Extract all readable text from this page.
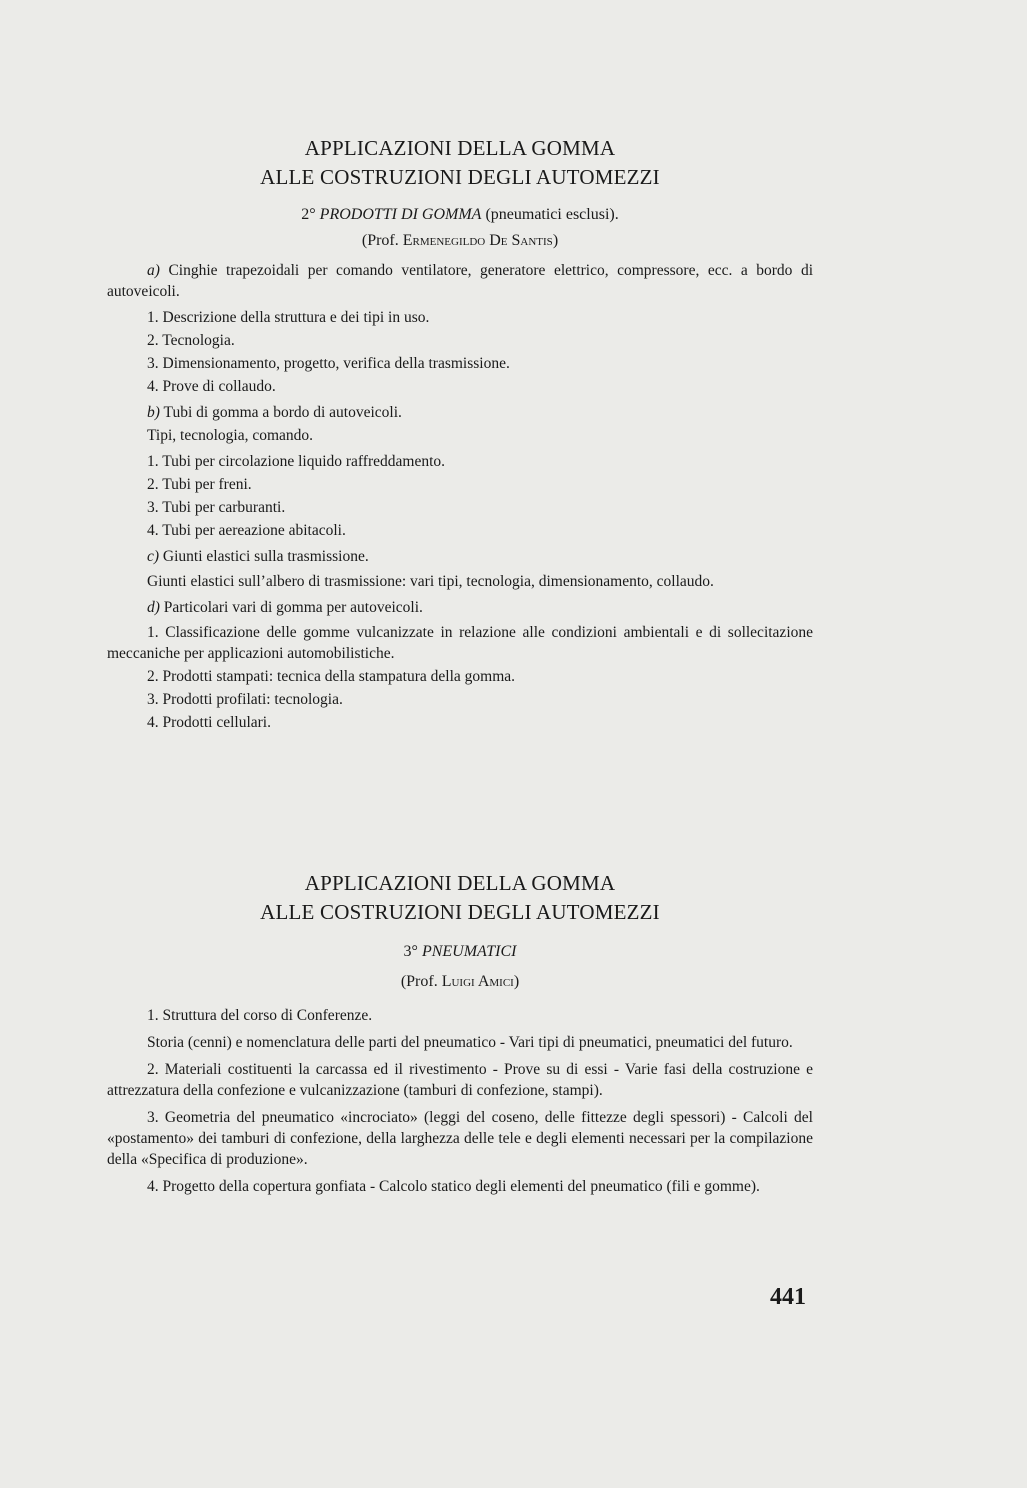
APPLICAZIONI DELLA GOMMA

ALLE COSTRUZIONI DEGLI AUTOMEZZI

2° PRODOTTI DI GOMMA (pneumatici esclusi).

(Prof. Ermenegildo De Santis)

a) Cinghie trapezoidali per comando ventilatore, generatore elettrico, compressore, ecc. a bordo di autoveicoli.

1. Descrizione della struttura e dei tipi in uso.

2. Tecnologia.

3. Dimensionamento, progetto, verifica della trasmissione.

4. Prove di collaudo.

b) Tubi di gomma a bordo di autoveicoli.

Tipi, tecnologia, comando.

1. Tubi per circolazione liquido raffreddamento.

2. Tubi per freni.

3. Tubi per carburanti.

4. Tubi per aereazione abitacoli.

c) Giunti elastici sulla trasmissione.

Giunti elastici sull’albero di trasmissione: vari tipi, tecnologia, dimensionamento, collaudo.

d) Particolari vari di gomma per autoveicoli.

1. Classificazione delle gomme vulcanizzate in relazione alle condizioni ambientali e di sollecitazione meccaniche per applicazioni automobilistiche.

2. Prodotti stampati: tecnica della stampatura della gomma.

3. Prodotti profilati: tecnologia.

4. Prodotti cellulari.

APPLICAZIONI DELLA GOMMA

ALLE COSTRUZIONI DEGLI AUTOMEZZI

3° PNEUMATICI

(Prof. Luigi Amici)

1. Struttura del corso di Conferenze.

Storia (cenni) e nomenclatura delle parti del pneumatico - Vari tipi di pneumatici, pneumatici del futuro.

2. Materiali costituenti la carcassa ed il rivestimento - Prove su di essi - Varie fasi della costruzione e attrezzatura della confezione e vulcanizzazione (tamburi di confezione, stampi).

3. Geometria del pneumatico «incrociato» (leggi del coseno, delle fittezze degli spessori) - Calcoli del «postamento» dei tamburi di confezione, della larghezza delle tele e degli elementi necessari per la compilazione della «Specifica di produzione».

4. Progetto della copertura gonfiata - Calcolo statico degli elementi del pneumatico (fili e gomme).

441
